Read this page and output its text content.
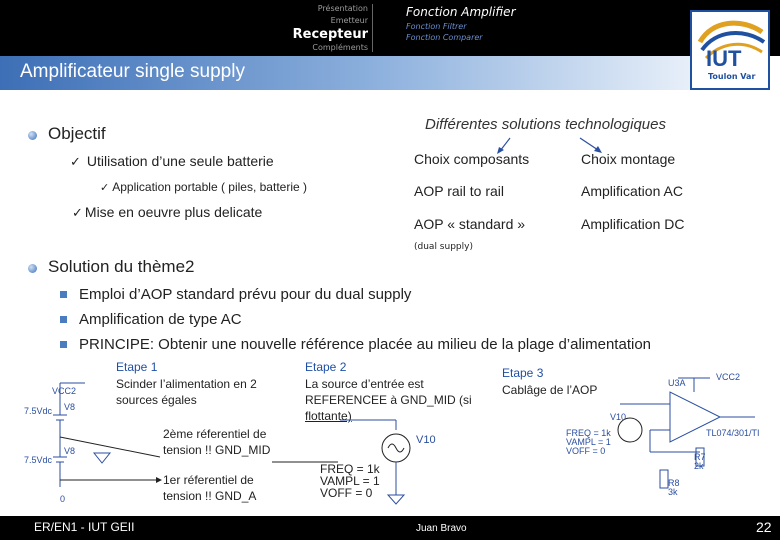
Présentation
Emetteur
Recepteur
Compléments
Fonction Amplifier
Fonction Filtrer
Fonction Comparer
Amplificateur single supply
IUT
Toulon Var
Objectif
✓ Utilisation d’une seule batterie
✓ Application portable ( piles, batterie )
✓ Mise en oeuvre plus delicate
Solution du thème2
Différentes solutions technologiques
Choix composants	Choix montage
AOP rail to rail	Amplification AC
AOP « standard »	Amplification DC
(dual supply)
Emploi d’AOP standard prévu pour du dual supply
Amplification de type AC
PRINCIPE: Obtenir une nouvelle référence placée au milieu de la plage d’alimentation
Etape 1
Scinder l’alimentation en 2
sources égales
2ème réferentiel de
tension !! GND_MID
1er réferentiel de
tension !! GND_A
VCC2
V8
7.5Vdc
V8
7.5Vdc
0
Etape 2
La source d’entrée est
REFERENCEE à GND_MID (si
flottante)
V10
FREQ = 1k
VAMPL = 1
VOFF = 0
Etape 3
Cablâge de l’AOP	U3A
VCC2
V10
FREQ = 1k
VAMPL = 1
VOFF = 0
TL074/301/TI
R7
2k
R8
3k
ER/EN1 - IUT GEII	Juan Bravo	22
